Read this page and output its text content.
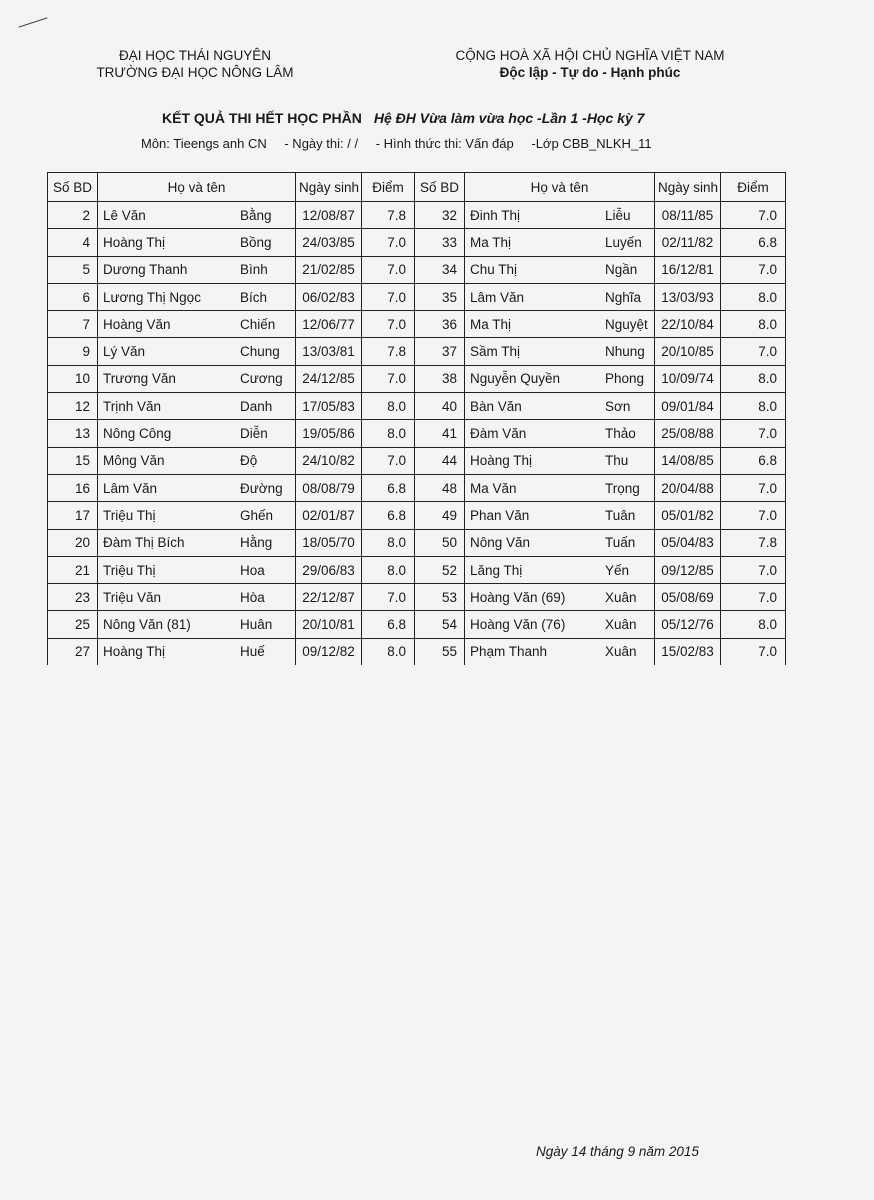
ĐẠI HỌC THÁI NGUYÊN
TRƯỜNG ĐẠI HỌC NÔNG LÂM
CỘNG HOÀ XÃ HỘI CHỦ NGHĨA VIỆT NAM
Độc lập - Tự do - Hạnh phúc
KẾT QUẢ THI HẾT HỌC PHẦN Hệ ĐH Vừa làm vừa học -Lần 1 -Học kỳ 7
Môn: Tieengs anh CN - Ngày thi: / / - Hình thức thi: Vấn đáp -Lớp CBB_NLKH_11
Số BD	Họ và tên	Ngày sinh	Điểm	Số BD	Họ và tên	Ngày sinh	Điểm
2	Lê Văn Bằng	12/08/87	7.8	32	Đinh Thị Liễu	08/11/85	7.0
4	Hoàng Thị Bồng	24/03/85	7.0	33	Ma Thị Luyến	02/11/82	6.8
5	Dương Thanh Bình	21/02/85	7.0	34	Chu Thị Ngần	16/12/81	7.0
6	Lương Thị Ngọc Bích	06/02/83	7.0	35	Lâm Văn Nghĩa	13/03/93	8.0
7	Hoàng Văn Chiến	12/06/77	7.0	36	Ma Thị Nguyệt	22/10/84	8.0
9	Lý Văn Chung	13/03/81	7.8	37	Sầm Thị Nhung	20/10/85	7.0
10	Trương Văn Cương	24/12/85	7.0	38	Nguyễn Quyền Phong	10/09/74	8.0
12	Trịnh Văn Danh	17/05/83	8.0	40	Bàn Văn Sơn	09/01/84	8.0
13	Nông Công Diễn	19/05/86	8.0	41	Đàm Văn Thảo	25/08/88	7.0
15	Mông Văn Độ	24/10/82	7.0	44	Hoàng Thị Thu	14/08/85	6.8
16	Lâm Văn Đường	08/08/79	6.8	48	Ma Văn Trọng	20/04/88	7.0
17	Triệu Thị Ghến	02/01/87	6.8	49	Phan Văn Tuân	05/01/82	7.0
20	Đàm Thị Bích Hằng	18/05/70	8.0	50	Nông Văn Tuấn	05/04/83	7.8
21	Triệu Thị Hoa	29/06/83	8.0	52	Lăng Thị Yến	09/12/85	7.0
23	Triệu Văn Hòa	22/12/87	7.0	53	Hoàng Văn (69) Xuân	05/08/69	7.0
25	Nông Văn (81) Huân	20/10/81	6.8	54	Hoàng Văn (76) Xuân	05/12/76	8.0
27	Hoàng Thị Huế	09/12/82	8.0	55	Phạm Thanh Xuân	15/02/83	7.0
Ngày 14 tháng 9 năm 2015
